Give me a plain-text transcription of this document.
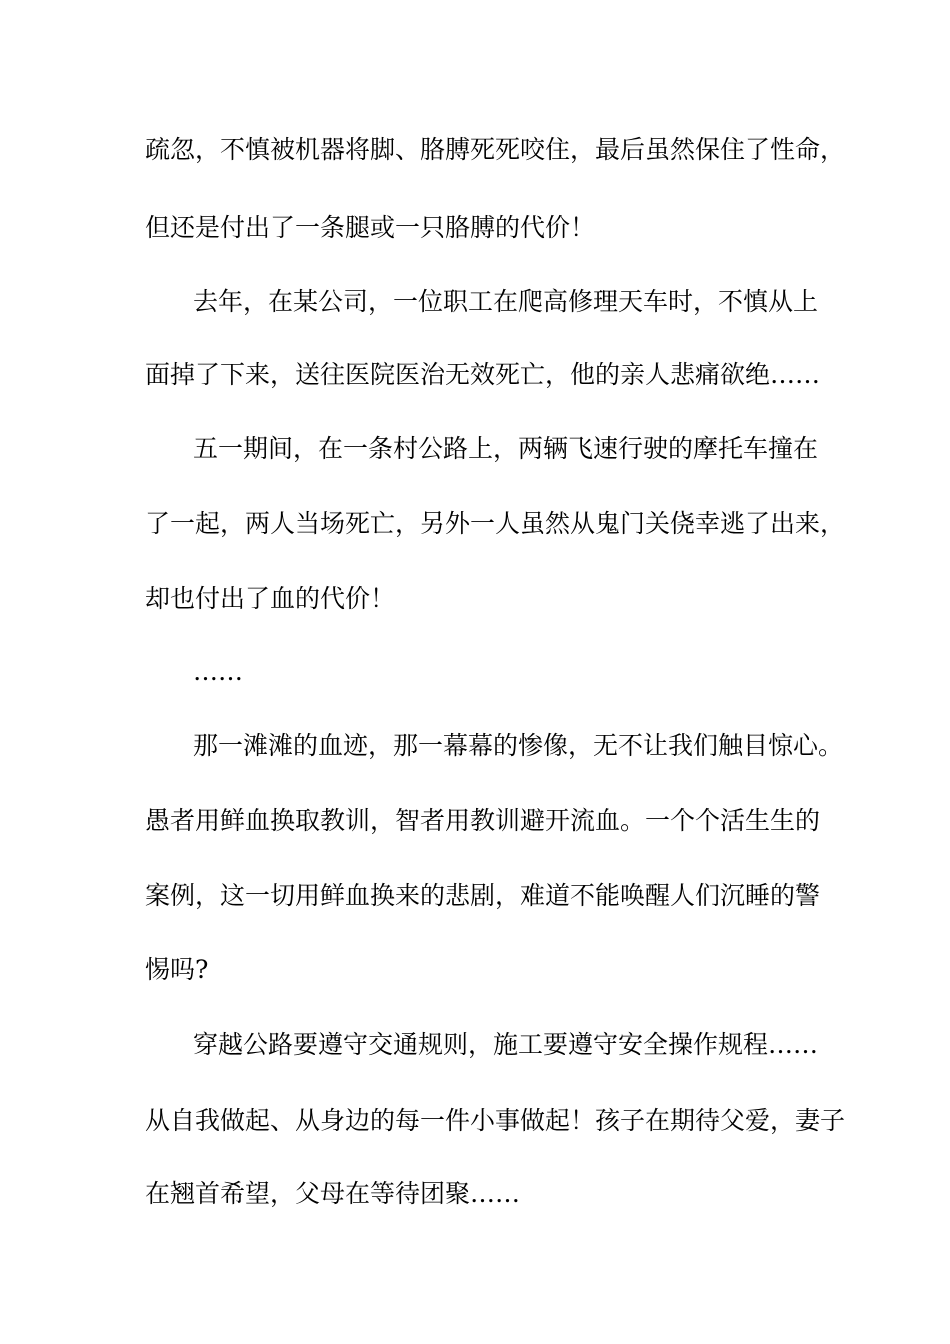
疏忽，不慎被机器将脚、胳膊死死咬住，最后虽然保住了性命，
但还是付出了一条腿或一只胳膊的代价！
去年，在某公司，一位职工在爬高修理天车时，不慎从上
面掉了下来，送往医院医治无效死亡，他的亲人悲痛欲绝……
五一期间，在一条村公路上，两辆飞速行驶的摩托车撞在
了一起，两人当场死亡，另外一人虽然从鬼门关侥幸逃了出来，
却也付出了血的代价！
……
那一滩滩的血迹，那一幕幕的惨像，无不让我们触目惊心。
愚者用鲜血换取教训，智者用教训避开流血。一个个活生生的
案例，这一切用鲜血换来的悲剧，难道不能唤醒人们沉睡的警
惕吗?
穿越公路要遵守交通规则，施工要遵守安全操作规程……
从自我做起、从身边的每一件小事做起！孩子在期待父爱，妻子
在翘首希望，父母在等待团聚……
